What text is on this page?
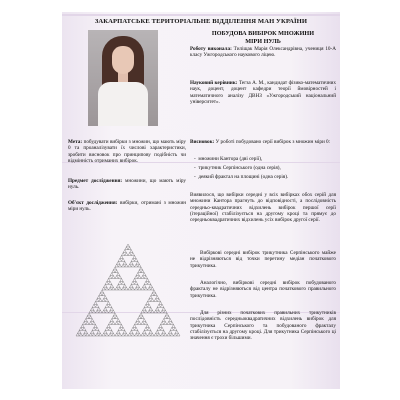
ЗАКАРПАТСЬКЕ ТЕРИТОРІАЛЬНЕ ВІДДІЛЕННЯ МАН УКРАЇНИ

ПОБУДОВА ВИБІРОК МНОЖИНИ
МІРИ НУЛЬ

Роботу виконала: Тиліщак Марія Олександрівна, учениця 10-А класу Ужгородського наукового ліцею.

Науковий керівник: Тегза А. М., кандидат фізико-математичних наук, доцент, доцент кафедри теорії ймовірностей і математичного аналізу ДВНЗ «Ужгородський національний університет».

Мета: побудувати вибірки з множин, що мають міру 0 та проаналізувати їх числові характеристики, зробити висновок про принципову подібність чи відмінність отриманих вибірок.

Предмет дослідження: множини, що мають міру нуль.

Об'єкт дослідження: вибірки, отримані з множин міри нуль.

Висновок: У роботі побудовано серії вибірок з множин міри 0:

-  множини Кантора (дві серії),
-  трикутник Серпінського (одна серія),
-  деякий фрактал на площині (одна серія).

Виявилося, що вибірки середні у всіх вибірках обох серій для множини Кантора прагнуть до відповідності, а послідовність середньо-квадратичних відхилень вибірок першої серії (ітераційної) стабілізується на другому кроці та прямує до середньоквадратичних відхилень усіх вибірок другої серії.

Вибіркові середні вибірок трикутника Серпінського майже не відрізняються від точки перетину медіан початкового трикутника.

Аналогічно, вибіркові середні вибірок побудованого фракталу не відрізняються від центра початкового правильного трикутника.

Для різних початкових правильних трикутників послідовність середньоквадратичних відхилень вибірок для трикутника Серпінського та побудованого фракталу стабілізується на другому кроці. Для трикутника Серпінського ці значення є трохи більшими.
